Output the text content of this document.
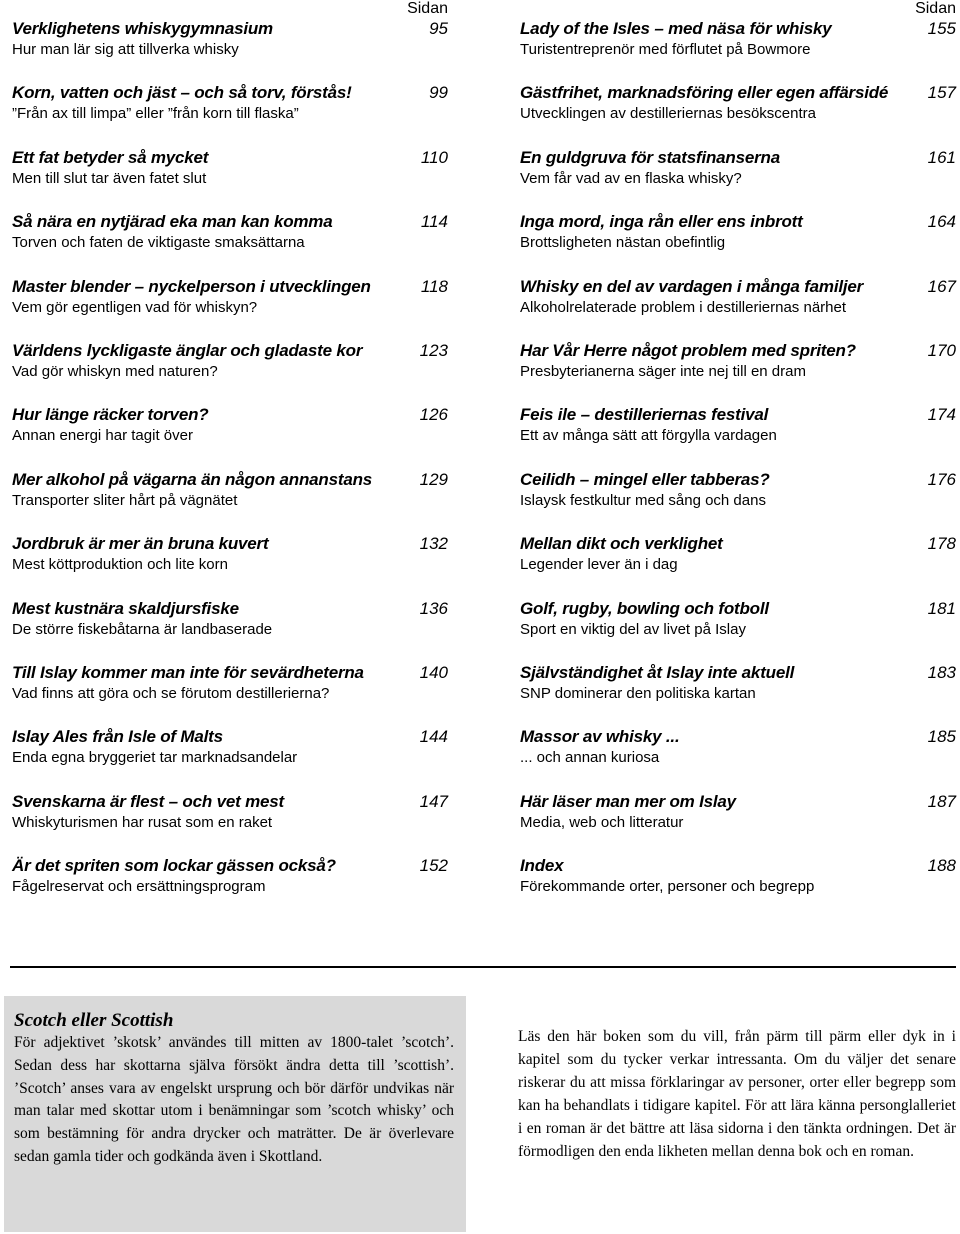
Sidan
Verklighetens whiskygymnasium
Hur man lär sig att tillverka whisky
95
Korn, vatten och jäst – och så torv, förstås!
”Från ax till limpa” eller ”från korn till flaska”
99
Ett fat betyder så mycket
Men till slut tar även fatet slut
110
Så nära en nytjärad eka man kan komma
Torven och faten de viktigaste smaksättarna
114
Master blender – nyckelperson i utvecklingen
Vem gör egentligen vad för whiskyn?
118
Världens lyckligaste änglar och gladaste kor
Vad gör whiskyn med naturen?
123
Hur länge räcker torven?
Annan energi har tagit över
126
Mer alkohol på vägarna än någon annanstans
Transporter sliter hårt på vägnätet
129
Jordbruk är mer än bruna kuvert
Mest köttproduktion och lite korn
132
Mest kustnära skaldjursfiske
De större fiskebåtarna är landbaserade
136
Till Islay kommer man inte för sevärdheterna
Vad finns att göra och se förutom destillerierna?
140
Islay Ales från Isle of Malts
Enda egna bryggeriet tar marknadsandelar
144
Svenskarna är flest – och vet mest
Whiskyturismen har rusat som en raket
147
Är det spriten som lockar gässen också?
Fågelreservat och ersättningsprogram
152
Sidan
Lady of the Isles – med näsa för whisky
Turistentreprenör med förflutet på Bowmore
155
Gästfrihet, marknadsföring eller egen affärsidé
Utvecklingen av destilleriernas besökscentra
157
En guldgruva för statsfinanserna
Vem får vad av en flaska whisky?
161
Inga mord, inga rån eller ens inbrott
Brottsligheten nästan obefintlig
164
Whisky en del av vardagen i många familjer
Alkoholrelaterade problem i destilleriernas närhet
167
Har Vår Herre något problem med spriten?
Presbyterianerna säger inte nej till en dram
170
Feis ile – destilleriernas festival
Ett av många sätt att förgylla vardagen
174
Ceilidh – mingel eller tabberas?
Islaysk festkultur med sång och dans
176
Mellan dikt och verklighet
Legender lever än i dag
178
Golf, rugby, bowling och fotboll
Sport en viktig del av livet på Islay
181
Självständighet åt Islay inte aktuell
SNP dominerar den politiska kartan
183
Massor av whisky ...
... och annan kuriosa
185
Här läser man mer om Islay
Media, web och litteratur
187
Index
Förekommande orter, personer och begrepp
188
Scotch eller Scottish

För adjektivet ’skotsk’ användes till mitten av 1800-talet ’scotch’. Sedan dess har skottarna själva försökt ändra detta till ’scottish’. ’Scotch’ anses vara av engelskt ursprung och bör därför undvikas när man talar med skottar utom i benämningar som ’scotch whisky’ och som bestämning för andra drycker och maträtter. De är överlevare sedan gamla tider och godkända även i Skottland.

Läs den här boken som du vill, från pärm till pärm eller dyk in i kapitel som du tycker verkar intressanta. Om du väljer det senare riskerar du att missa förklaringar av personer, orter eller begrepp som kan ha behandlats i tidigare kapitel. För att lära känna personglalleriet i en roman är det bättre att läsa sidorna i den tänkta ordningen. Det är förmodligen den enda likheten mellan denna bok och en roman.
